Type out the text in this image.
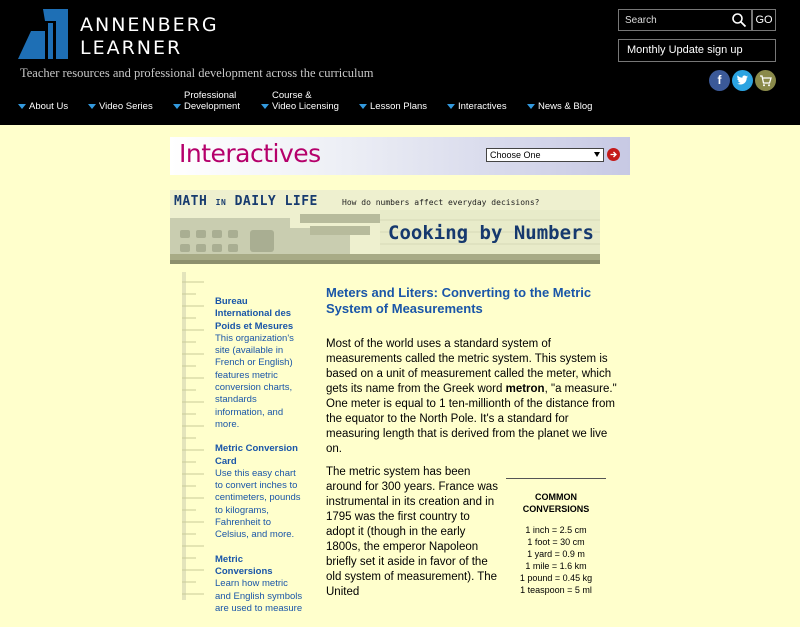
ANNENBERG
LEARNER
Teacher resources and professional development across the curriculum
Search
GO
Monthly Update sign up
f
About Us	Video Series
Professional
Development
Course &
Video Licensing	Lesson Plans	Interactives	News & Blog
Interactives	Choose One
MATH IN DAILY LIFE	How do numbers affect everyday decisions?
Cooking by Numbers
Bureau International des Poids et Mesures
This organization's site (available in French or English) features metric conversion charts, standards information, and more.
Metric Conversion Card
Use this easy chart to convert inches to centimeters, pounds to kilograms, Fahrenheit to Celsius, and more.
Metric Conversions
Learn how metric and English symbols are used to measure
Meters and Liters: Converting to the Metric System of Measurements

Most of the world uses a standard system of measurements called the metric system. This system is based on a unit of measurement called the meter, which gets its name from the Greek word metron, "a measure." One meter is equal to 1 ten-millionth of the distance from the equator to the North Pole. It's a standard for measuring length that is derived from the planet we live on.

The metric system has been around for 300 years. France was instrumental in its creation and in 1795 was the first country to adopt it (though in the early 1800s, the emperor Napoleon briefly set it aside in favor of the old system of measurement). The United

COMMON CONVERSIONS
1 inch = 2.5 cm
1 foot = 30 cm
1 yard = 0.9 m
1 mile = 1.6 km
1 pound = 0.45 kg
1 teaspoon = 5 ml
